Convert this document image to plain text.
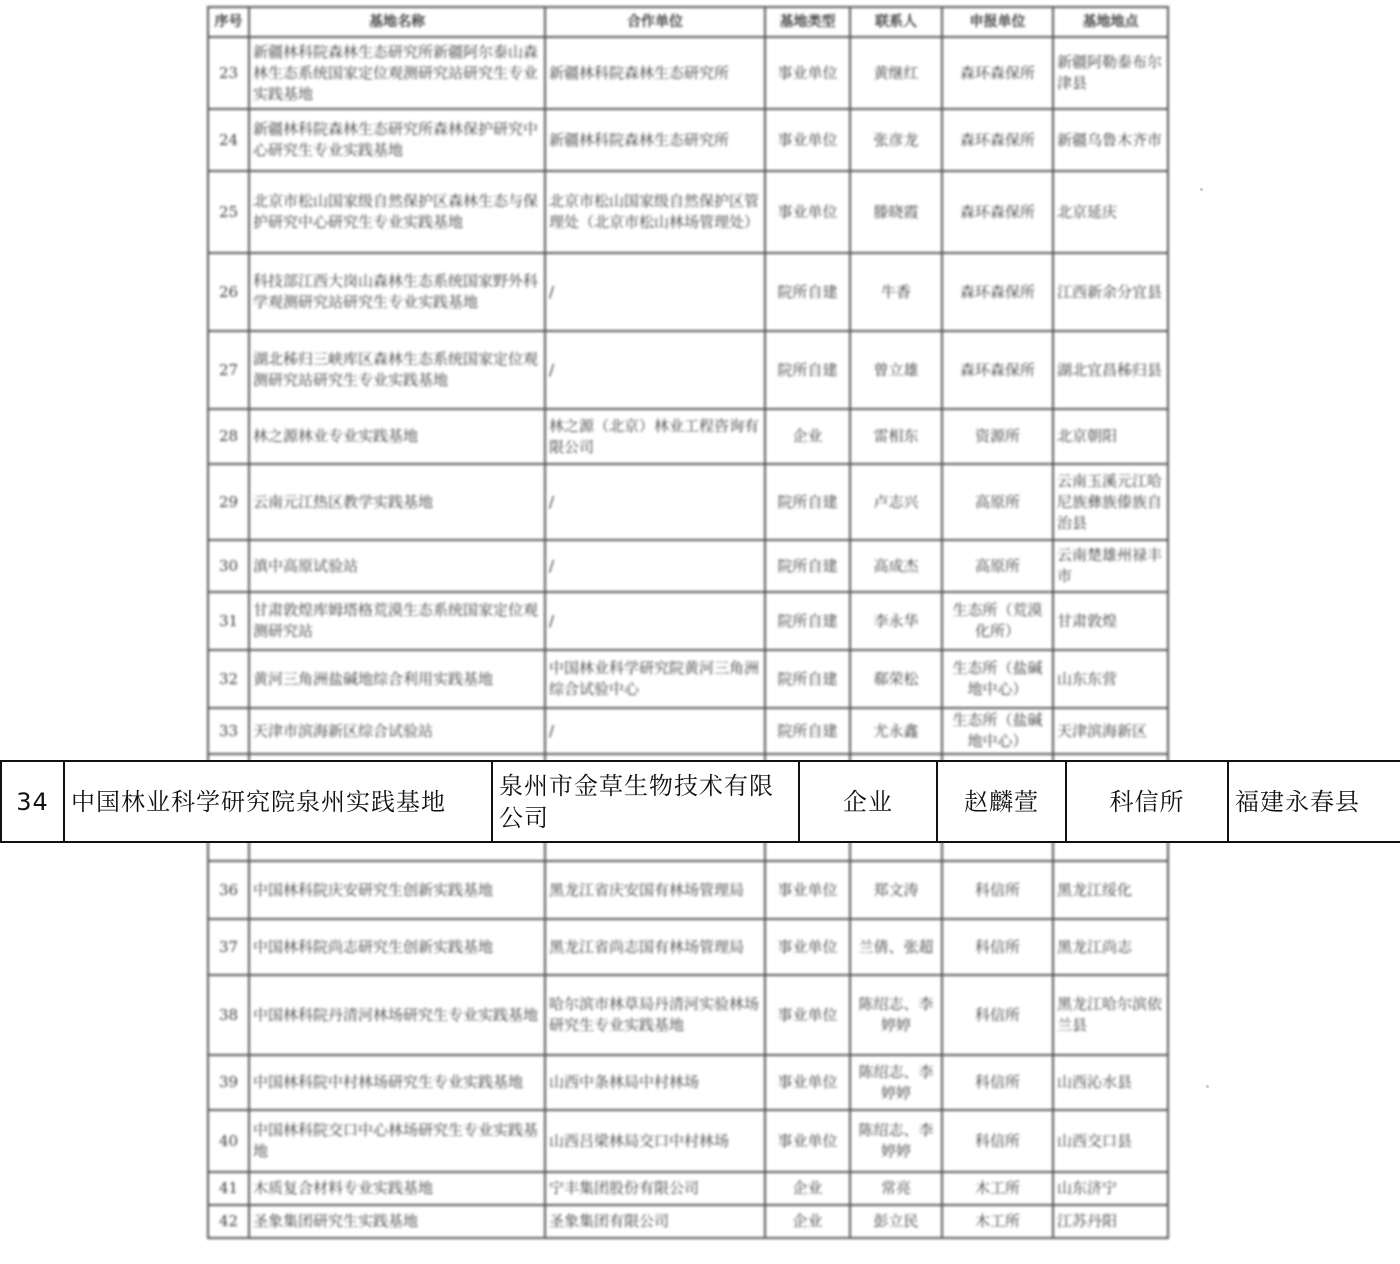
序号	基地名称	合作单位	基地类型	联系人	申报单位	基地地点
23	新疆林科院森林生态研究所新疆阿尔泰山森林生态系统国家定位观测研究站研究生专业实践基地	新疆林科院森林生态研究所	事业单位	黄继红	森环森保所	新疆阿勒泰布尔津县
24	新疆林科院森林生态研究所森林保护研究中心研究生专业实践基地	新疆林科院森林生态研究所	事业单位	张彦龙	森环森保所	新疆乌鲁木齐市
25	北京市松山国家级自然保护区森林生态与保护研究中心研究生专业实践基地	北京市松山国家级自然保护区管理处（北京市松山林场管理处）	事业单位	滕晓霞	森环森保所	北京延庆
26	科技部江西大岗山森林生态系统国家野外科学观测研究站研究生专业实践基地	/	院所自建	牛香	森环森保所	江西新余分宜县
27	湖北秭归三峡库区森林生态系统国家定位观测研究站研究生专业实践基地	/	院所自建	曾立雄	森环森保所	湖北宜昌秭归县
28	林之源林业专业实践基地	林之源（北京）林业工程咨询有限公司	企业	雷相东	资源所	北京朝阳
29	云南元江热区教学实践基地	/	院所自建	卢志兴	高原所	云南玉溪元江哈尼族彝族傣族自治县
30	滇中高原试验站	/	院所自建	高成杰	高原所	云南楚雄州禄丰市
31	甘肃敦煌库姆塔格荒漠生态系统国家定位观测研究站	/	院所自建	李永华	生态所（荒漠化所）	甘肃敦煌
32	黄河三角洲盐碱地综合利用实践基地	中国林业科学研究院黄河三角洲综合试验中心	院所自建	郗荣松	生态所（盐碱地中心）	山东东营
33	天津市滨海新区综合试验站	/	院所自建	尤永鑫	生态所（盐碱地中心）	天津滨海新区

36	中国林科院庆安研究生创新实践基地	黑龙江省庆安国有林场管理局	事业单位	郑文涛	科信所	黑龙江绥化
37	中国林科院尚志研究生创新实践基地	黑龙江省尚志国有林场管理局	事业单位	兰倩、张超	科信所	黑龙江尚志
38	中国林科院丹清河林场研究生专业实践基地	哈尔滨市林草局丹清河实验林场研究生专业实践基地	事业单位	陈绍志、李婷婷	科信所	黑龙江哈尔滨依兰县
39	中国林科院中村林场研究生专业实践基地	山西中条林局中村林场	事业单位	陈绍志、李婷婷	科信所	山西沁水县
40	中国林科院交口中心林场研究生专业实践基地	山西吕梁林局交口中村林场	事业单位	陈绍志、李婷婷	科信所	山西交口县
41	木质复合材料专业实践基地	宁丰集团股份有限公司	企业	常亮	木工所	山东济宁
42	圣象集团研究生实践基地	圣象集团有限公司	企业	彭立民	木工所	江苏丹阳
34	中国林业科学研究院泉州实践基地	泉州市金草生物技术有限公司	企业	赵麟萱	科信所	福建永春县
